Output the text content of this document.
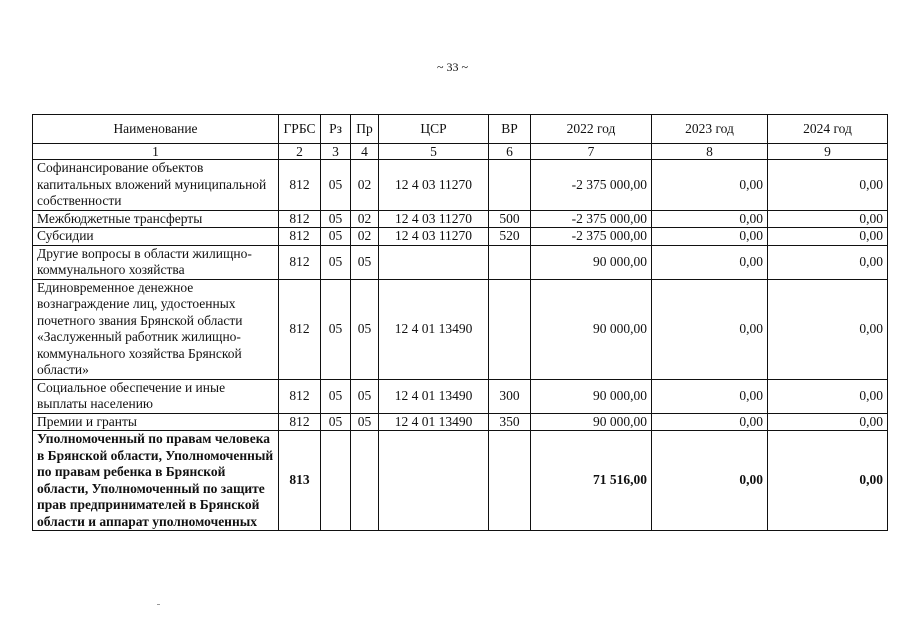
~ 33 ~
Наименование	ГРБС	Рз	Пр	ЦСР	ВР	2022 год	2023 год	2024 год
1	2	3	4	5	6	7	8	9
Софинансирование объектов капитальных вложений муниципальной собственности	812	05	02	12 4 03 11270		-2 375 000,00	0,00	0,00
Межбюджетные трансферты	812	05	02	12 4 03 11270	500	-2 375 000,00	0,00	0,00
Субсидии	812	05	02	12 4 03 11270	520	-2 375 000,00	0,00	0,00
Другие вопросы в области жилищно-коммунального хозяйства	812	05	05			90 000,00	0,00	0,00
Единовременное денежное вознаграждение лиц, удостоенных почетного звания Брянской области «Заслуженный работник жилищно-коммунального хозяйства Брянской области»	812	05	05	12 4 01 13490		90 000,00	0,00	0,00
Социальное обеспечение и иные выплаты населению	812	05	05	12 4 01 13490	300	90 000,00	0,00	0,00
Премии и гранты	812	05	05	12 4 01 13490	350	90 000,00	0,00	0,00
Уполномоченный по правам человека в Брянской области, Уполномоченный по правам ребенка в Брянской области, Уполномоченный по защите прав предпринимателей в Брянской области и аппарат уполномоченных	813					71 516,00	0,00	0,00
